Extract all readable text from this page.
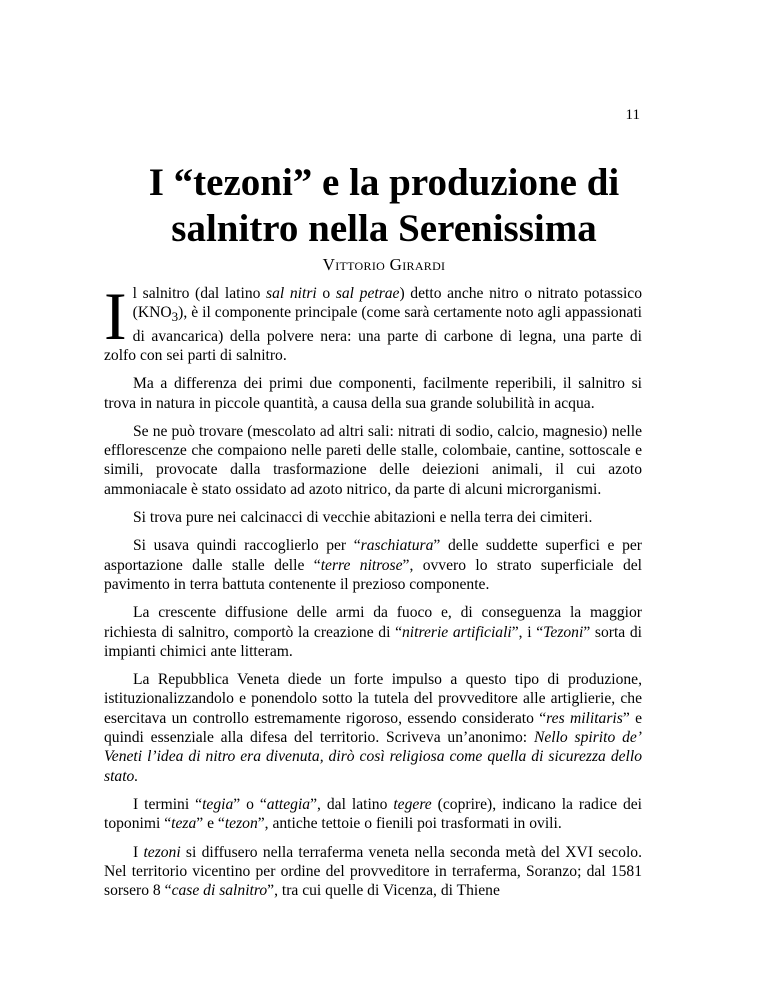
11
I “tezoni” e la produzione di
salnitro nella Serenissima
Vittorio Girardi

Il salnitro (dal latino sal nitri o sal petrae) detto anche nitro o nitrato potassico $(KNO_3)$, è il componente principale (come sarà certamente noto agli appassionati di avancarica) della polvere nera: una parte di carbone di legna, una parte di zolfo con sei parti di salnitro.

Ma a differenza dei primi due componenti, facilmente reperibili, il salnitro si trova in natura in piccole quantità, a causa della sua grande solubilità in acqua.

Se ne può trovare (mescolato ad altri sali: nitrati di sodio, calcio, magnesio) nelle efflorescenze che compaiono nelle pareti delle stalle, colombaie, cantine, sottoscale e simili, provocate dalla trasformazione delle deiezioni animali, il cui azoto ammoniacale è stato ossidato ad azoto nitrico, da parte di alcuni microrganismi.

Si trova pure nei calcinacci di vecchie abitazioni e nella terra dei cimiteri.

Si usava quindi raccoglierlo per “raschiatura” delle suddette superfici e per asportazione dalle stalle delle “terre nitrose”, ovvero lo strato superficiale del pavimento in terra battuta contenente il prezioso componente.

La crescente diffusione delle armi da fuoco e, di conseguenza la maggior richiesta di salnitro, comportò la creazione di “nitrerie artificiali”, i “Tezoni” sorta di impianti chimici ante litteram.

La Repubblica Veneta diede un forte impulso a questo tipo di produzione, istituzionalizzandolo e ponendolo sotto la tutela del provveditore alle artiglierie, che esercitava un controllo estremamente rigoroso, essendo considerato “res militaris” e quindi essenziale alla difesa del territorio. Scriveva un’anonimo: Nello spirito de’ Veneti l’idea di nitro era divenuta, dirò così religiosa come quella di sicurezza dello stato.

I termini “tegia” o “attegia”, dal latino tegere (coprire), indicano la radice dei toponimi “teza” e “tezon”, antiche tettoie o fienili poi trasformati in ovili.

I tezoni si diffusero nella terraferma veneta nella seconda metà del XVI secolo. Nel territorio vicentino per ordine del provveditore in terraferma, Soranzo; dal 1581 sorsero 8 “case di salnitro”, tra cui quelle di Vicenza, di Thiene
